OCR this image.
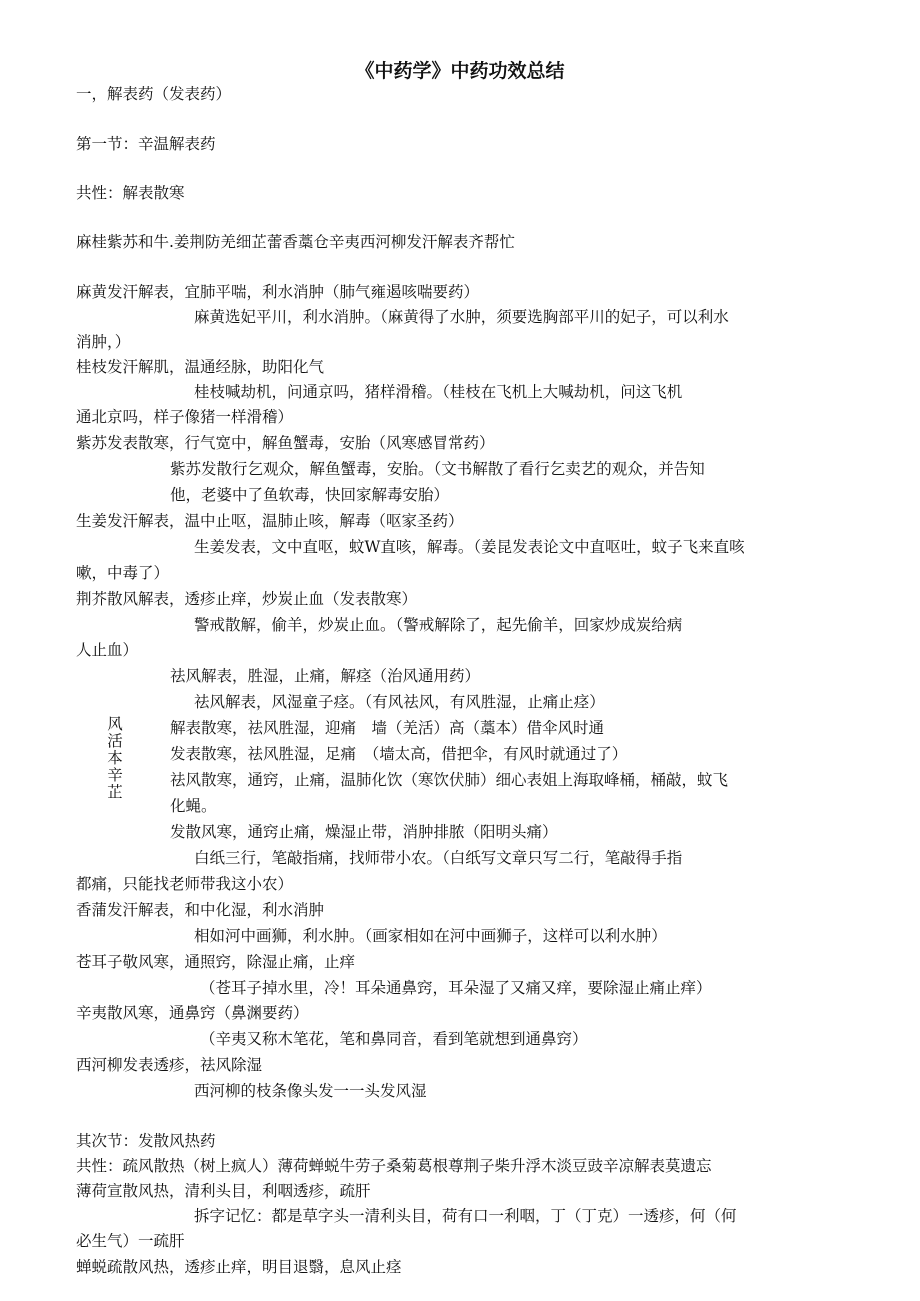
《中药学》中药功效总结
一，解表药（发表药）
第一节：辛温解表药
共性：解表散寒
麻桂紫苏和牛.姜荆防羌细芷蕾香藁仓辛夷西河柳发汗解表齐帮忙
麻黄发汗解表，宜肺平喘，利水消肿（肺气雍遏咳喘要药）
麻黄选妃平川，利水消肿。（麻黄得了水肿，须要选胸部平川的妃子，可以利水
消肿，）
桂枝发汗解肌，温通经脉，助阳化气
桂枝喊劫机，问通京吗，猪样滑稽。（桂枝在飞机上大喊劫机，问这飞机
通北京吗，样子像猪一样滑稽）
紫苏发表散寒，行气宽中，解鱼蟹毒，安胎（风寒感冒常药）
紫苏发散行乞观众，解鱼蟹毒，安胎。（文书解散了看行乞卖艺的观众，并告知
他，老婆中了鱼软毒，快回家解毒安胎）
生姜发汗解表，温中止呕，温肺止咳，解毒（呕家圣药）
生姜发表，文中直呕，蚊W直咳，解毒。（姜昆发表论文中直呕吐，蚊子飞来直咳
嗽，中毒了）
荆芥散风解表，透疹止痒，炒炭止血（发表散寒）
警戒散解，偷羊，炒炭止血。（警戒解除了，起先偷羊，回家炒成炭给病
人止血）
祛风解表，胜湿，止痛，解痉（治风通用药）
祛风解表，风湿童子痉。（有风祛风，有风胜湿，止痛止痉）
风
活
本
辛
芷
解表散寒，祛风胜湿，迎痛　墙（羌活）高（藁本）借伞风时通
发表散寒，祛风胜湿，足痛　（墙太高，借把伞，有风时就通过了）
祛风散寒，通窍，止痛，温肺化饮（寒饮伏肺）细心表姐上海取峰桶，桶敲，蚊飞
化蝇。
发散风寒，通窍止痛，燥湿止带，消肿排脓（阳明头痛）
白纸三行，笔敲指痛，找师带小农。（白纸写文章只写二行，笔敲得手指
都痛，只能找老师带我这小农）
香蒲发汗解表，和中化湿，利水消肿
相如河中画狮，利水肿。（画家相如在河中画狮子，这样可以利水肿）
苍耳子敬风寒，通照窍，除湿止痛，止痒
（苍耳子掉水里，冷！耳朵通鼻窍，耳朵湿了又痛又痒，要除湿止痛止痒）
辛夷散风寒，通鼻窍（鼻渊要药）
（辛夷又称木笔花，笔和鼻同音，看到笔就想到通鼻窍）
西河柳发表透疹，祛风除湿
西河柳的枝条像头发一一头发风湿
其次节：发散风热药
共性：疏风散热（树上疯人）薄荷蝉蜕牛劳子桑菊葛根尊荆子柴升浮木淡豆豉辛凉解表莫遗忘
薄荷宣散风热，清利头目，利咽透疹，疏肝
拆字记忆：都是草字头一清利头目，荷有口一利咽，丁（丁克）一透疹，何（何
必生气）一疏肝
蝉蜕疏散风热，透疹止痒，明目退翳，息风止痉
